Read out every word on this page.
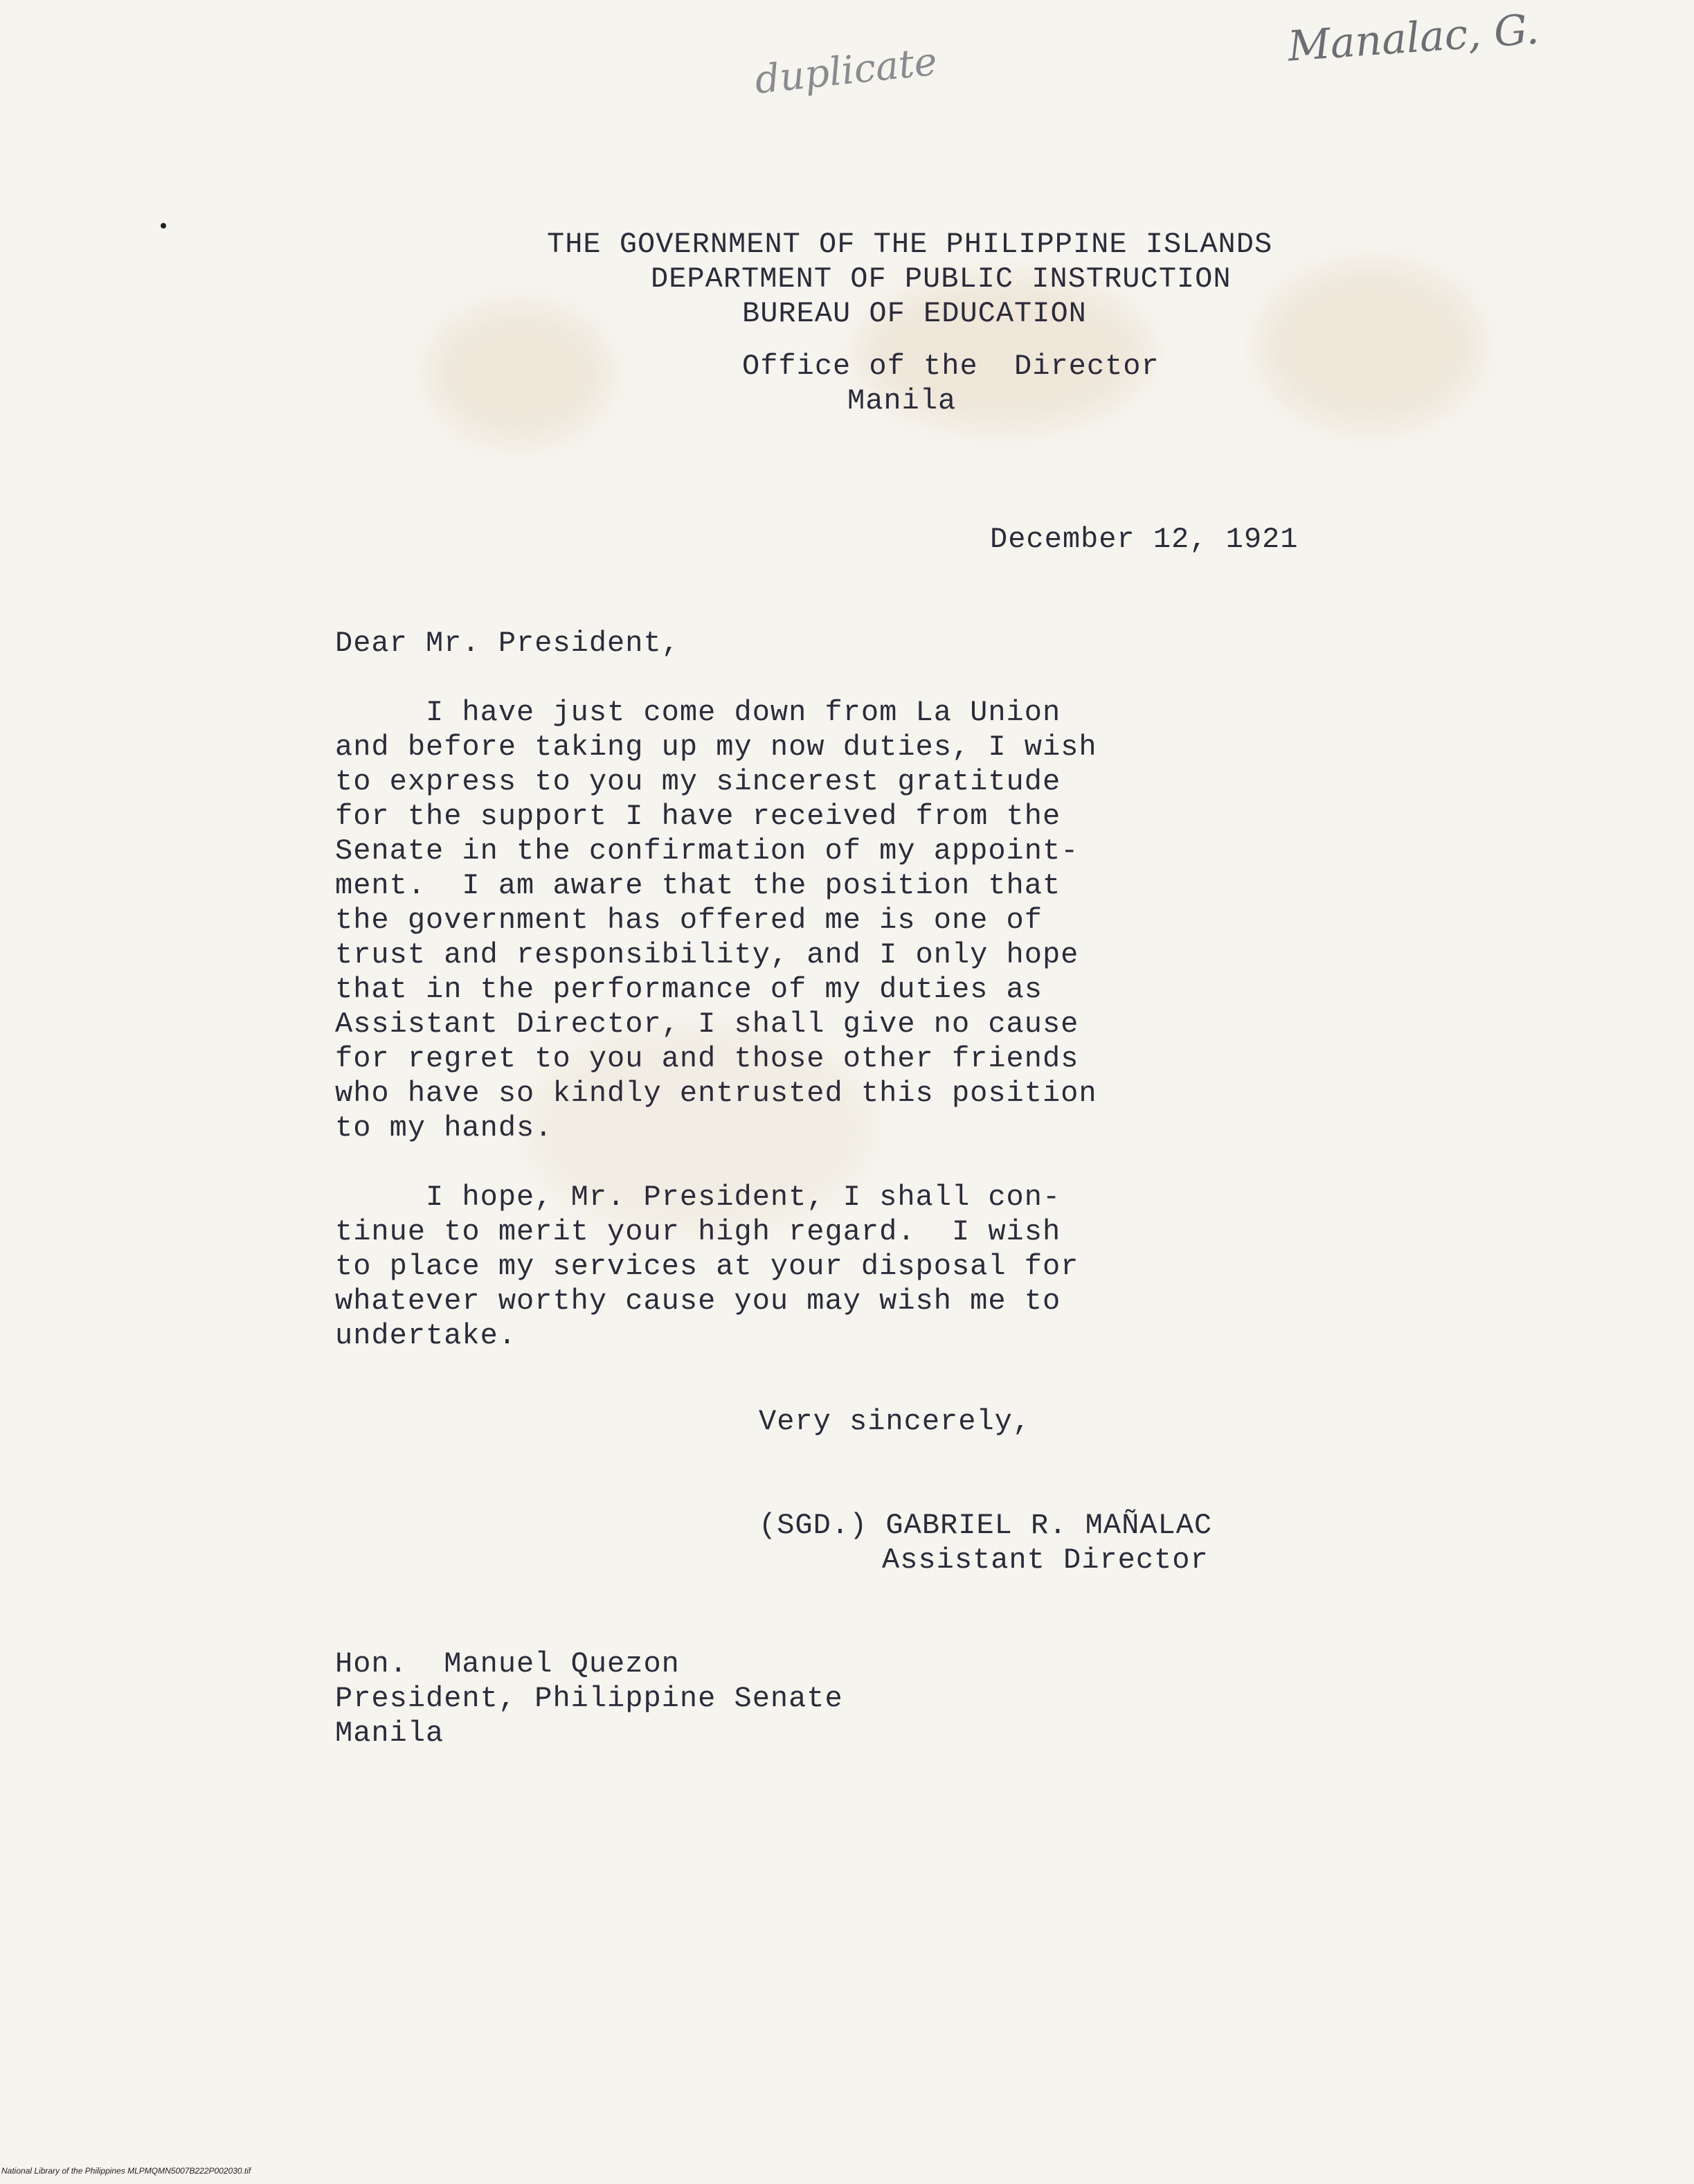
duplicate	Manalac, G.
THE GOVERNMENT OF THE PHILIPPINE ISLANDS
DEPARTMENT OF PUBLIC INSTRUCTION
BUREAU OF EDUCATION
Office of the  Director
Manila
December 12, 1921
Dear Mr. President,
I have just come down from La Union
and before taking up my now duties, I wish
to express to you my sincerest gratitude
for the support I have received from the
Senate in the confirmation of my appoint-
ment.  I am aware that the position that
the government has offered me is one of
trust and responsibility, and I only hope
that in the performance of my duties as
Assistant Director, I shall give no cause
for regret to you and those other friends
who have so kindly entrusted this position
to my hands.
I hope, Mr. President, I shall con-
tinue to merit your high regard.  I wish
to place my services at your disposal for
whatever worthy cause you may wish me to
undertake.
Very sincerely,
(SGD.) GABRIEL R. MAÑALAC
Assistant Director
Hon.  Manuel Quezon
President, Philippine Senate
Manila
National Library of the Philippines MLPMQMN5007B222P002030.tif
